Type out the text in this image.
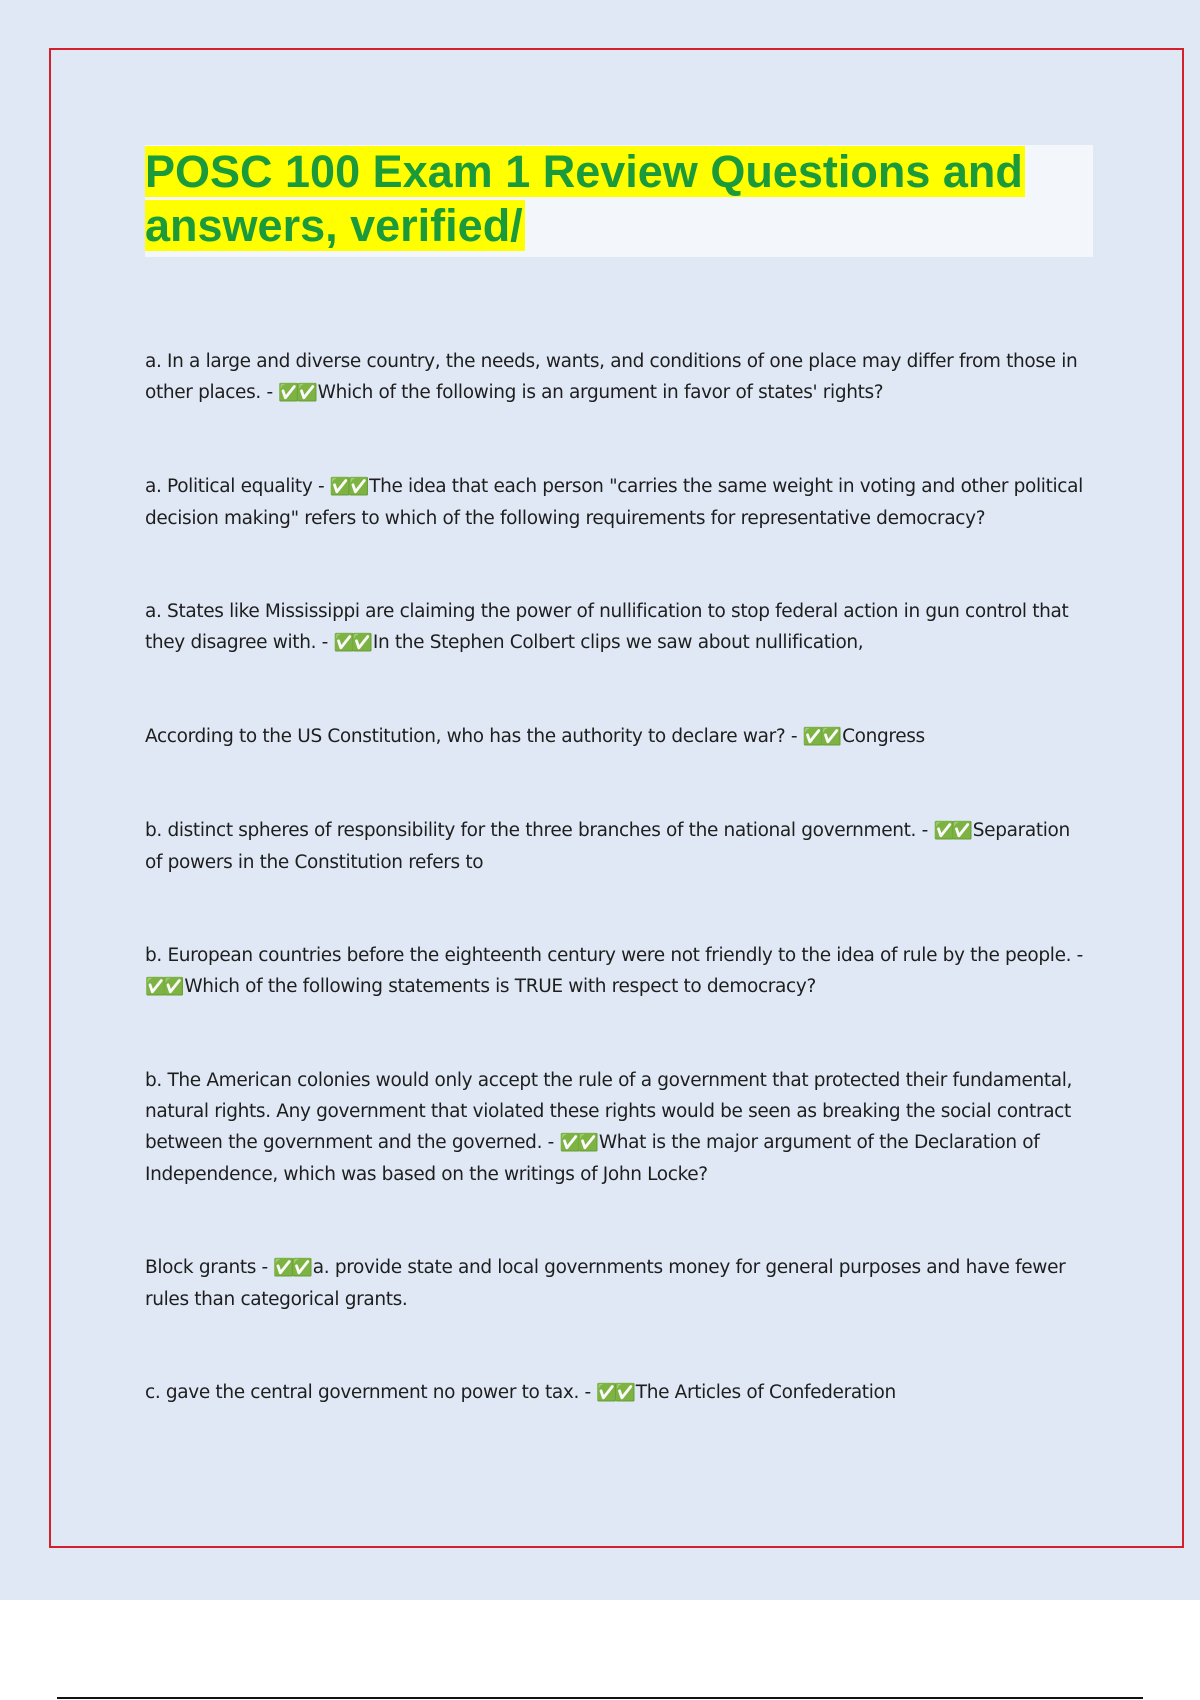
POSC 100 Exam 1 Review Questions and answers, verified/

a. In a large and diverse country, the needs, wants, and conditions of one place may differ from those in other places. - ✅✅ Which of the following is an argument in favor of states' rights?

a. Political equality - ✅✅ The idea that each person "carries the same weight in voting and other political decision making" refers to which of the following requirements for representative democracy?

a. States like Mississippi are claiming the power of nullification to stop federal action in gun control that they disagree with. - ✅✅ In the Stephen Colbert clips we saw about nullification,

According to the US Constitution, who has the authority to declare war? - ✅✅ Congress

b. distinct spheres of responsibility for the three branches of the national government. - ✅✅ Separation of powers in the Constitution refers to

b. European countries before the eighteenth century were not friendly to the idea of rule by the people. - ✅✅ Which of the following statements is TRUE with respect to democracy?

b. The American colonies would only accept the rule of a government that protected their fundamental, natural rights. Any government that violated these rights would be seen as breaking the social contract between the government and the governed. - ✅✅ What is the major argument of the Declaration of Independence, which was based on the writings of John Locke?

Block grants - ✅✅ a. provide state and local governments money for general purposes and have fewer rules than categorical grants.

c. gave the central government no power to tax. - ✅✅ The Articles of Confederation
